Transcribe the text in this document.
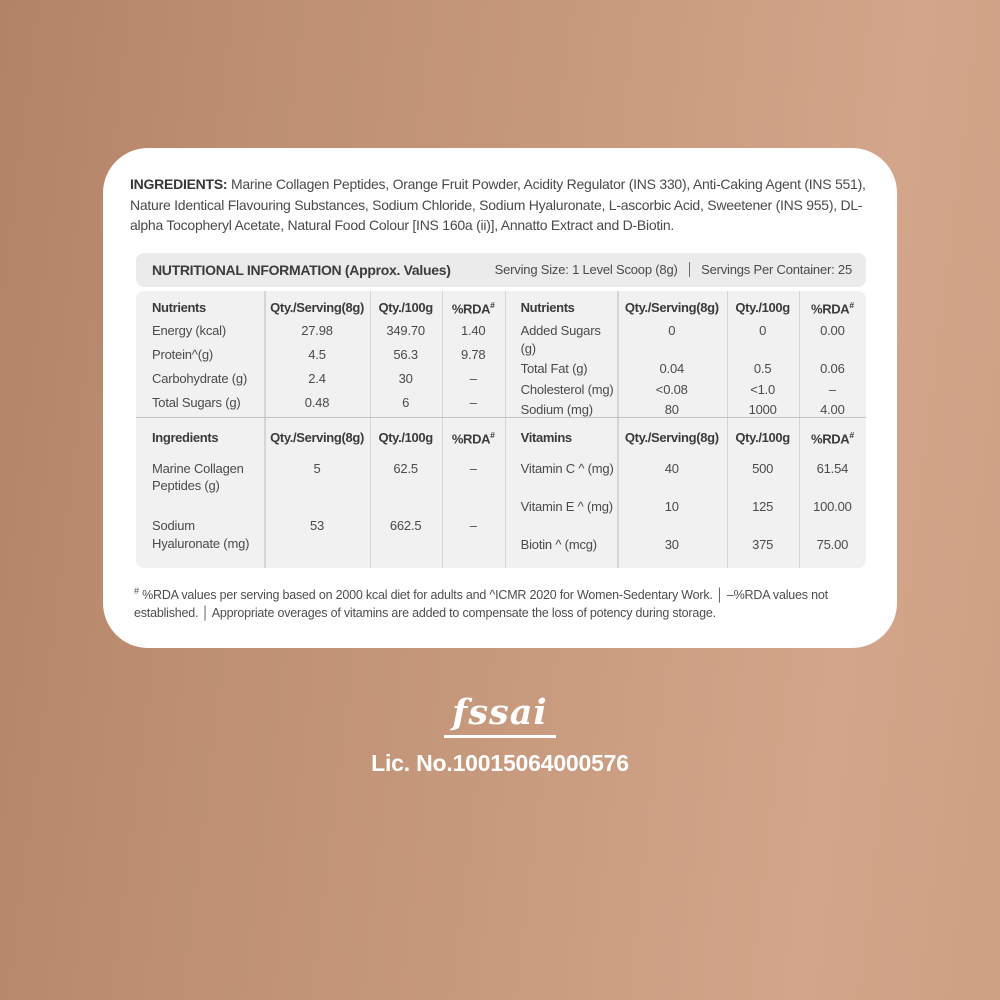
INGREDIENTS: Marine Collagen Peptides, Orange Fruit Powder, Acidity Regulator (INS 330), Anti-Caking Agent (INS 551), Nature Identical Flavouring Substances, Sodium Chloride, Sodium Hyaluronate, L-ascorbic Acid, Sweetener (INS 955), DL-alpha Tocopheryl Acetate, Natural Food Colour [INS 160a (ii)], Annatto Extract and D-Biotin.

NUTRITIONAL INFORMATION (Approx. Values)	Serving Size: 1 Level Scoop (8g) Servings Per Container: 25
Nutrients	Qty./Serving(8g)	Qty./100g	%RDA#
Energy (kcal)	27.98	349.70	1.40
Protein^(g)	4.5	56.3	9.78
Carbohydrate (g)	2.4	30	–
Total Sugars (g)	0.48	6	–
Nutrients	Qty./Serving(8g)	Qty./100g	%RDA#
Added Sugars (g)	0	0	0.00
Total Fat (g)	0.04	0.5	0.06
Cholesterol (mg)	<0.08	<1.0	–
Sodium (mg)	80	1000	4.00
Ingredients	Qty./Serving(8g)	Qty./100g	%RDA#
Marine Collagen Peptides (g)	5	62.5	–
Sodium Hyaluronate (mg)	53	662.5	–
Vitamins	Qty./Serving(8g)	Qty./100g	%RDA#
Vitamin C ^ (mg)	40	500	61.54
Vitamin E ^ (mg)	10	125	100.00
Biotin ^ (mcg)	30	375	75.00

# %RDA values per serving based on 2000 kcal diet for adults and ^ICMR 2020 for Women-Sedentary Work. │ –%RDA values not established. │ Appropriate overages of vitamins are added to compensate the loss of potency during storage.

fssai
Lic. No.10015064000576
